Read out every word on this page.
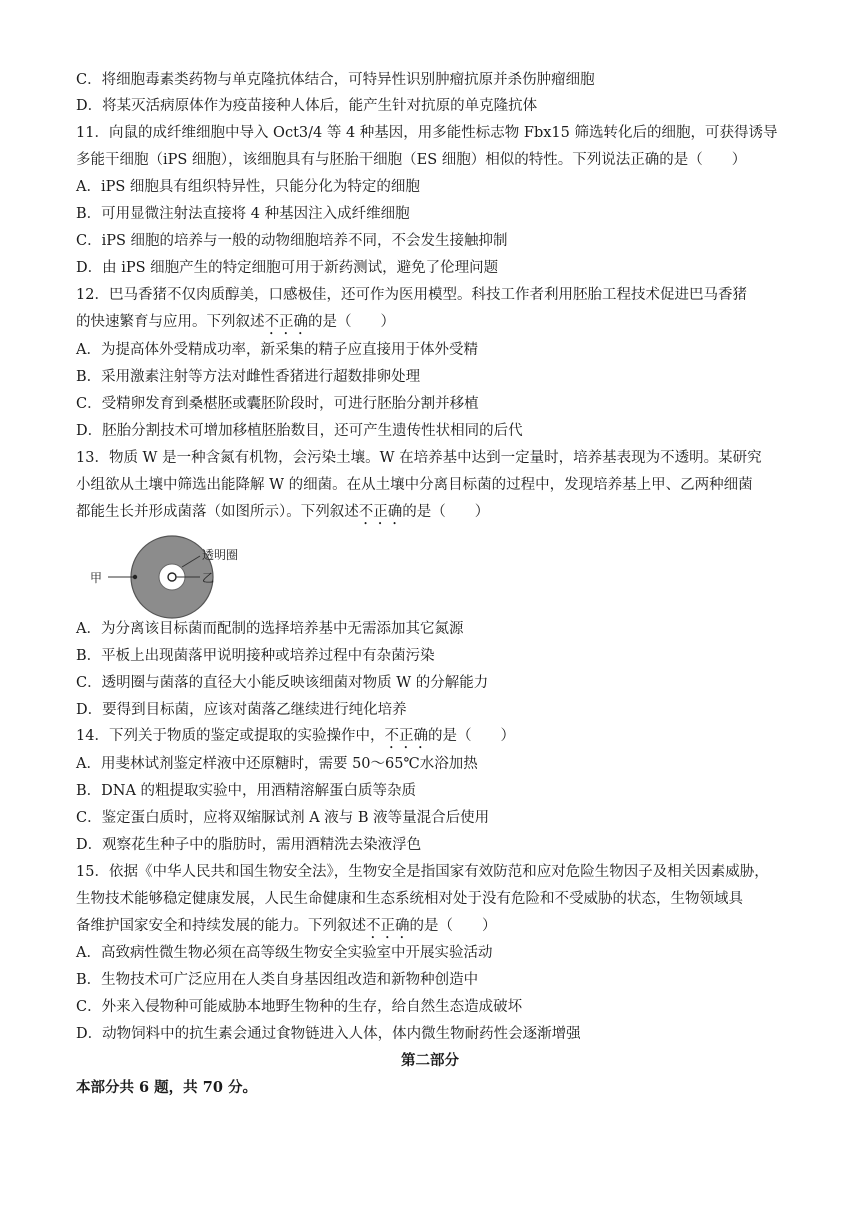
C．将细胞毒素类药物与单克隆抗体结合，可特异性识别肿瘤抗原并杀伤肿瘤细胞
D．将某灭活病原体作为疫苗接种人体后，能产生针对抗原的单克隆抗体
11．向鼠的成纤维细胞中导入 Oct3/4 等 4 种基因，用多能性标志物 Fbx15 筛选转化后的细胞，可获得诱导
多能干细胞（iPS 细胞），该细胞具有与胚胎干细胞（ES 细胞）相似的特性。下列说法正确的是（　　）
A．iPS 细胞具有组织特异性，只能分化为特定的细胞
B．可用显微注射法直接将 4 种基因注入成纤维细胞
C．iPS 细胞的培养与一般的动物细胞培养不同，不会发生接触抑制
D．由 iPS 细胞产生的特定细胞可用于新药测试，避免了伦理问题
12．巴马香猪不仅肉质醇美，口感极佳，还可作为医用模型。科技工作者利用胚胎工程技术促进巴马香猪
的快速繁育与应用。下列叙述不正确的是（　　）
A．为提高体外受精成功率，新采集的精子应直接用于体外受精
B．采用激素注射等方法对雌性香猪进行超数排卵处理
C．受精卵发育到桑椹胚或囊胚阶段时，可进行胚胎分割并移植
D．胚胎分割技术可增加移植胚胎数目，还可产生遗传性状相同的后代
13．物质 W 是一种含氮有机物，会污染土壤。W 在培养基中达到一定量时，培养基表现为不透明。某研究
小组欲从土壤中筛选出能降解 W 的细菌。在从土壤中分离目标菌的过程中，发现培养基上甲、乙两种细菌
都能生长并形成菌落（如图所示）。下列叙述不正确的是（　　）
甲	乙
透明圈
A．为分离该目标菌而配制的选择培养基中无需添加其它氮源
B．平板上出现菌落甲说明接种或培养过程中有杂菌污染
C．透明圈与菌落的直径大小能反映该细菌对物质 W 的分解能力
D．要得到目标菌，应该对菌落乙继续进行纯化培养
14．下列关于物质的鉴定或提取的实验操作中，不正确的是（　　）
A．用斐林试剂鉴定样液中还原糖时，需要 50～65℃水浴加热
B．DNA 的粗提取实验中，用酒精溶解蛋白质等杂质
C．鉴定蛋白质时，应将双缩脲试剂 A 液与 B 液等量混合后使用
D．观察花生种子中的脂肪时，需用酒精洗去染液浮色
15．依据《中华人民共和国生物安全法》，生物安全是指国家有效防范和应对危险生物因子及相关因素威胁，
生物技术能够稳定健康发展，人民生命健康和生态系统相对处于没有危险和不受威胁的状态，生物领域具
备维护国家安全和持续发展的能力。下列叙述不正确的是（　　）
A．高致病性微生物必须在高等级生物安全实验室中开展实验活动
B．生物技术可广泛应用在人类自身基因组改造和新物种创造中
C．外来入侵物种可能威胁本地野生物种的生存，给自然生态造成破坏
D．动物饲料中的抗生素会通过食物链进入人体，体内微生物耐药性会逐渐增强
第二部分
本部分共 6 题，共 70 分。
